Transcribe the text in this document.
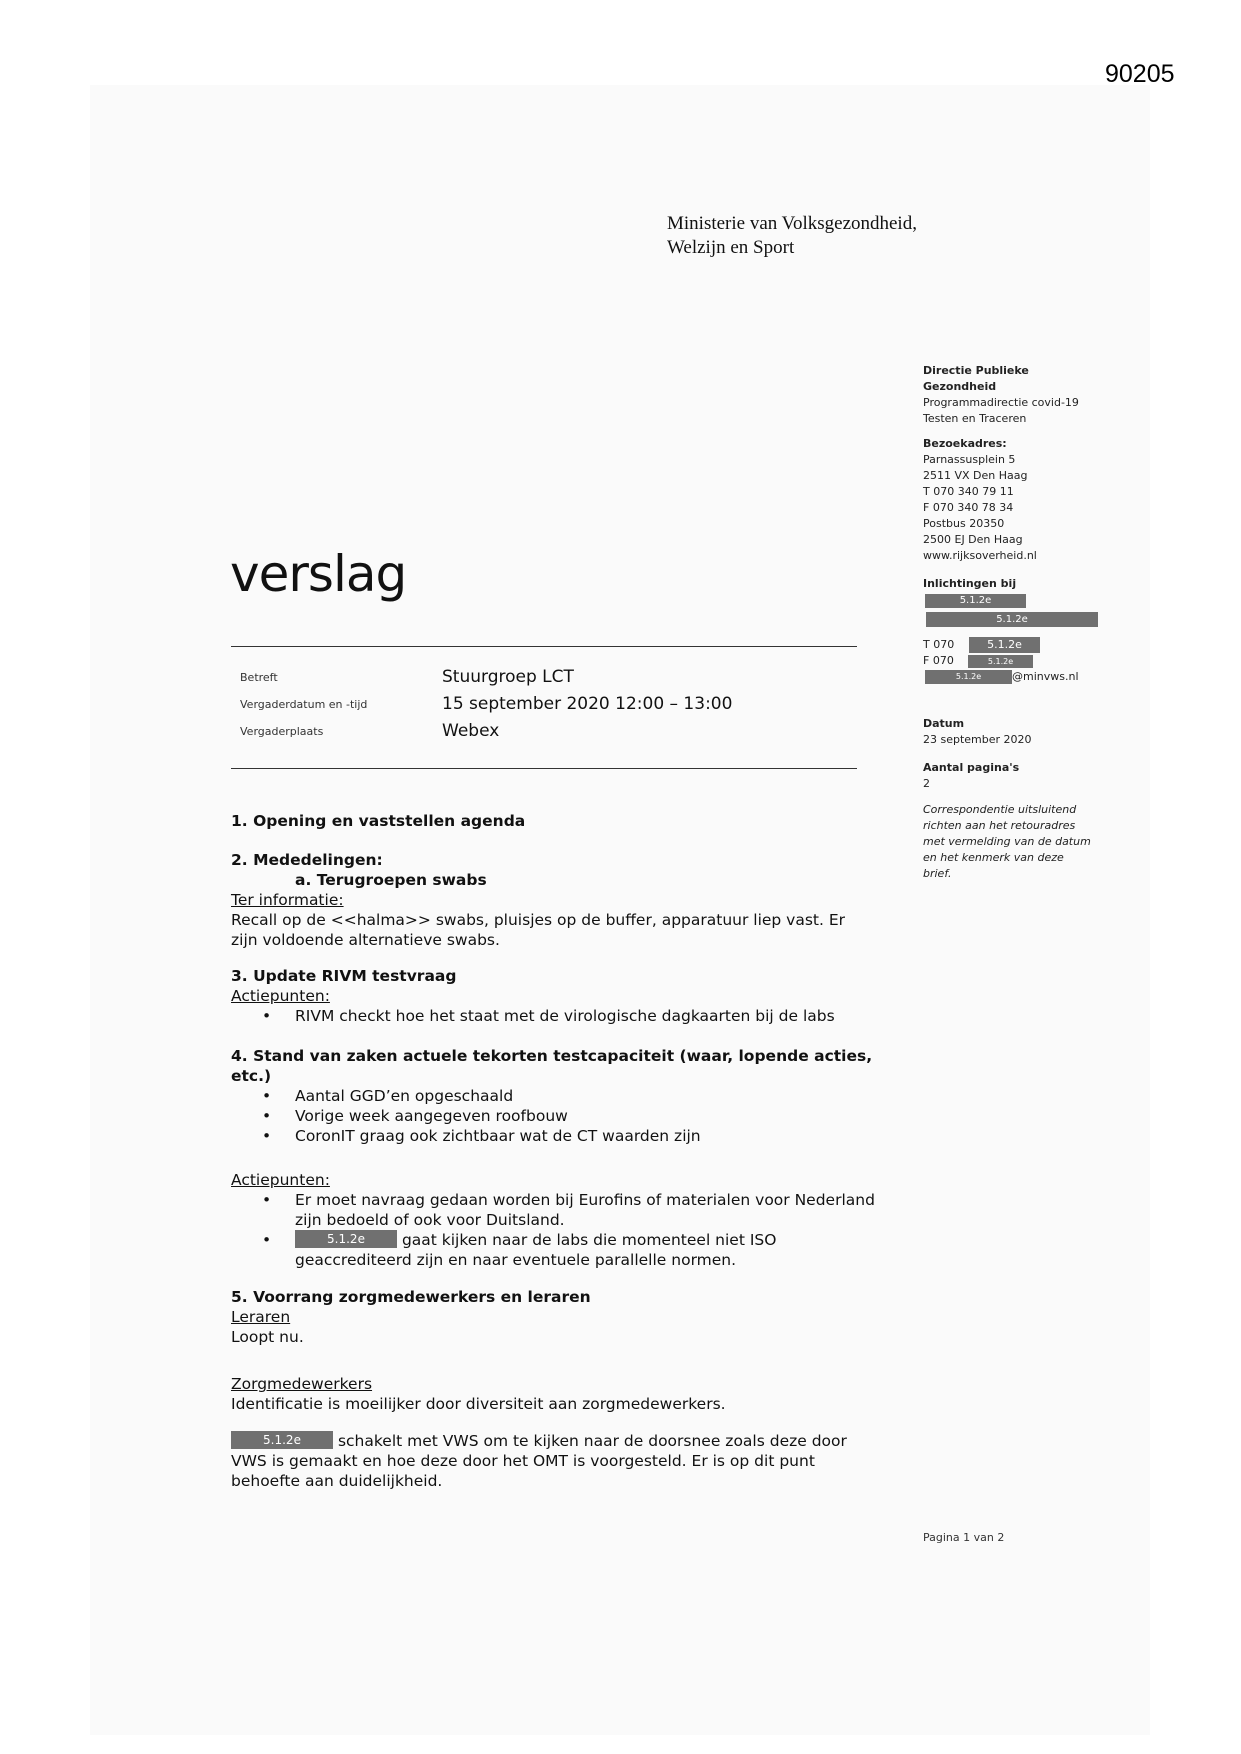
90205
Ministerie van Volksgezondheid,
Welzijn en Sport
Directie Publieke
Gezondheid
Programmadirectie covid-19
Testen en Traceren
Bezoekadres:
Parnassusplein 5
2511 VX Den Haag
T 070 340 79 11
F 070 340 78 34
Postbus 20350
2500 EJ Den Haag
www.rijksoverheid.nl
Inlichtingen bij
5.1.2e
5.1.2e
T 070	5.1.2e
F 070	5.1.2e
5.1.2e	@minvws.nl
Datum
23 september 2020
Aantal pagina's
2
Correspondentie uitsluitend
richten aan het retouradres
met vermelding van de datum
en het kenmerk van deze
brief.
verslag
Betreft	Stuurgroep LCT
Vergaderdatum en -tijd	15 september 2020 12:00 – 13:00
Vergaderplaats	Webex
1. Opening en vaststellen agenda
2. Mededelingen:
a. Terugroepen swabs
Ter informatie:
Recall op de <<halma>> swabs, pluisjes op de buffer, apparatuur liep vast. Er
zijn voldoende alternatieve swabs.
3. Update RIVM testvraag
Actiepunten:
• RIVM checkt hoe het staat met de virologische dagkaarten bij de labs
4. Stand van zaken actuele tekorten testcapaciteit (waar, lopende acties,
etc.)
• Aantal GGD’en opgeschaald
• Vorige week aangegeven roofbouw
• CoronIT graag ook zichtbaar wat de CT waarden zijn
Actiepunten:
• Er moet navraag gedaan worden bij Eurofins of materialen voor Nederland
zijn bedoeld of ook voor Duitsland.
•	5.1.2e gaat kijken naar de labs die momenteel niet ISO
geaccrediteerd zijn en naar eventuele parallelle normen.
5. Voorrang zorgmedewerkers en leraren
Leraren
Loopt nu.
Zorgmedewerkers
Identificatie is moeilijker door diversiteit aan zorgmedewerkers.
5.1.2e schakelt met VWS om te kijken naar de doorsnee zoals deze door
VWS is gemaakt en hoe deze door het OMT is voorgesteld. Er is op dit punt
behoefte aan duidelijkheid.
Pagina 1 van 2
